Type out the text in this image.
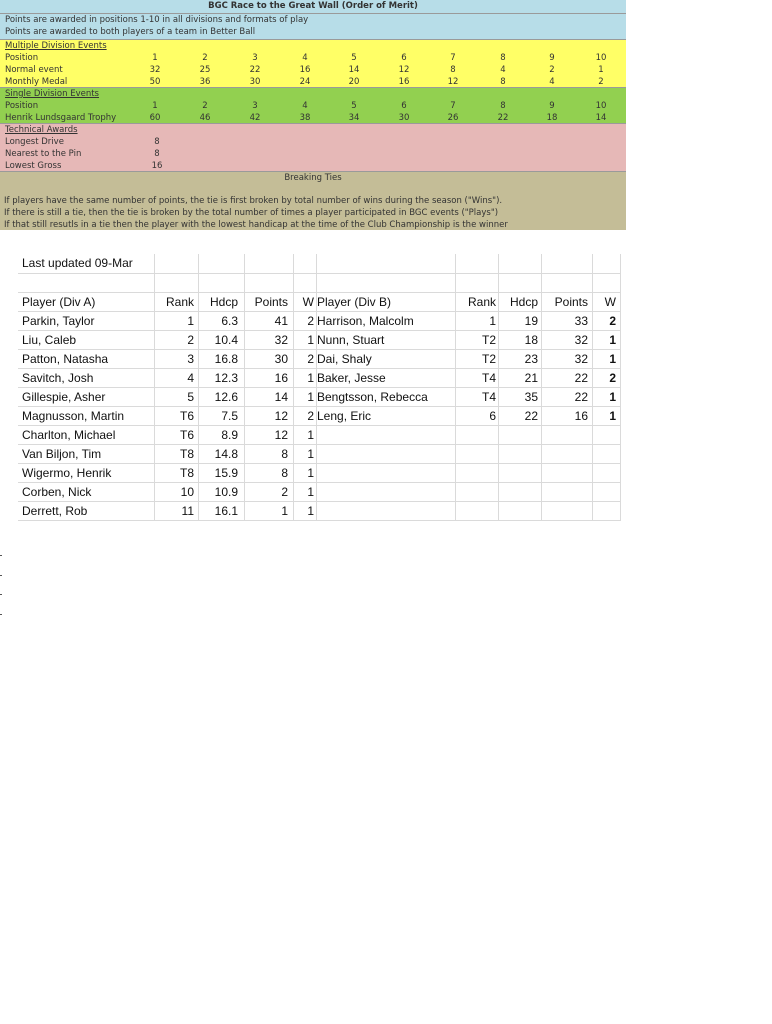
BGC Race to the Great Wall (Order of Merit)
Points are awarded in positions 1-10 in all divisions and formats of play
Points are awarded to both players of a team in Better Ball
Multiple Division Events
Position	1	2	3	4	5	6	7	8	9	10
Normal event	32	25	22	16	14	12	8	4	2	1
Monthly Medal	50	36	30	24	20	16	12	8	4	2
Single Division Events
Position	1	2	3	4	5	6	7	8	9	10
Henrik Lundsgaard Trophy	60	46	42	38	34	30	26	22	18	14
Technical Awards
Longest Drive	8
Nearest to the Pin	8
Lowest Gross	16
Breaking Ties
If players have the same number of points, the tie is first broken by total number of wins during the season ("Wins").
If there is still a tie, then the tie is broken by the total number of times a player participated in BGC events ("Plays")
If that still resutls in a tie then the player with the lowest handicap at the time of the Club Championship is the winner
Last updated 09-Mar
Player (Div A)	Rank	Hdcp	Points	W Player (Div B)	Rank	Hdcp	Points	W
Parkin, Taylor	1	6.3	41	2 Harrison, Malcolm	1	19	33	2
Liu, Caleb	2	10.4	32	1 Nunn, Stuart	T2	18	32	1
Patton, Natasha	3	16.8	30	2 Dai, Shaly	T2	23	32	1
Savitch, Josh	4	12.3	16	1 Baker, Jesse	T4	21	22	2
Gillespie, Asher	5	12.6	14	1 Bengtsson, Rebecca	T4	35	22	1
Magnusson, Martin	T6	7.5	12	2 Leng, Eric	6	22	16	1
Charlton, Michael	T6	8.9	12	1
Van Biljon, Tim	T8	14.8	8	1
Wigermo, Henrik	T8	15.9	8	1
Corben, Nick	10	10.9	2	1
Derrett, Rob	11	16.1	1	1
